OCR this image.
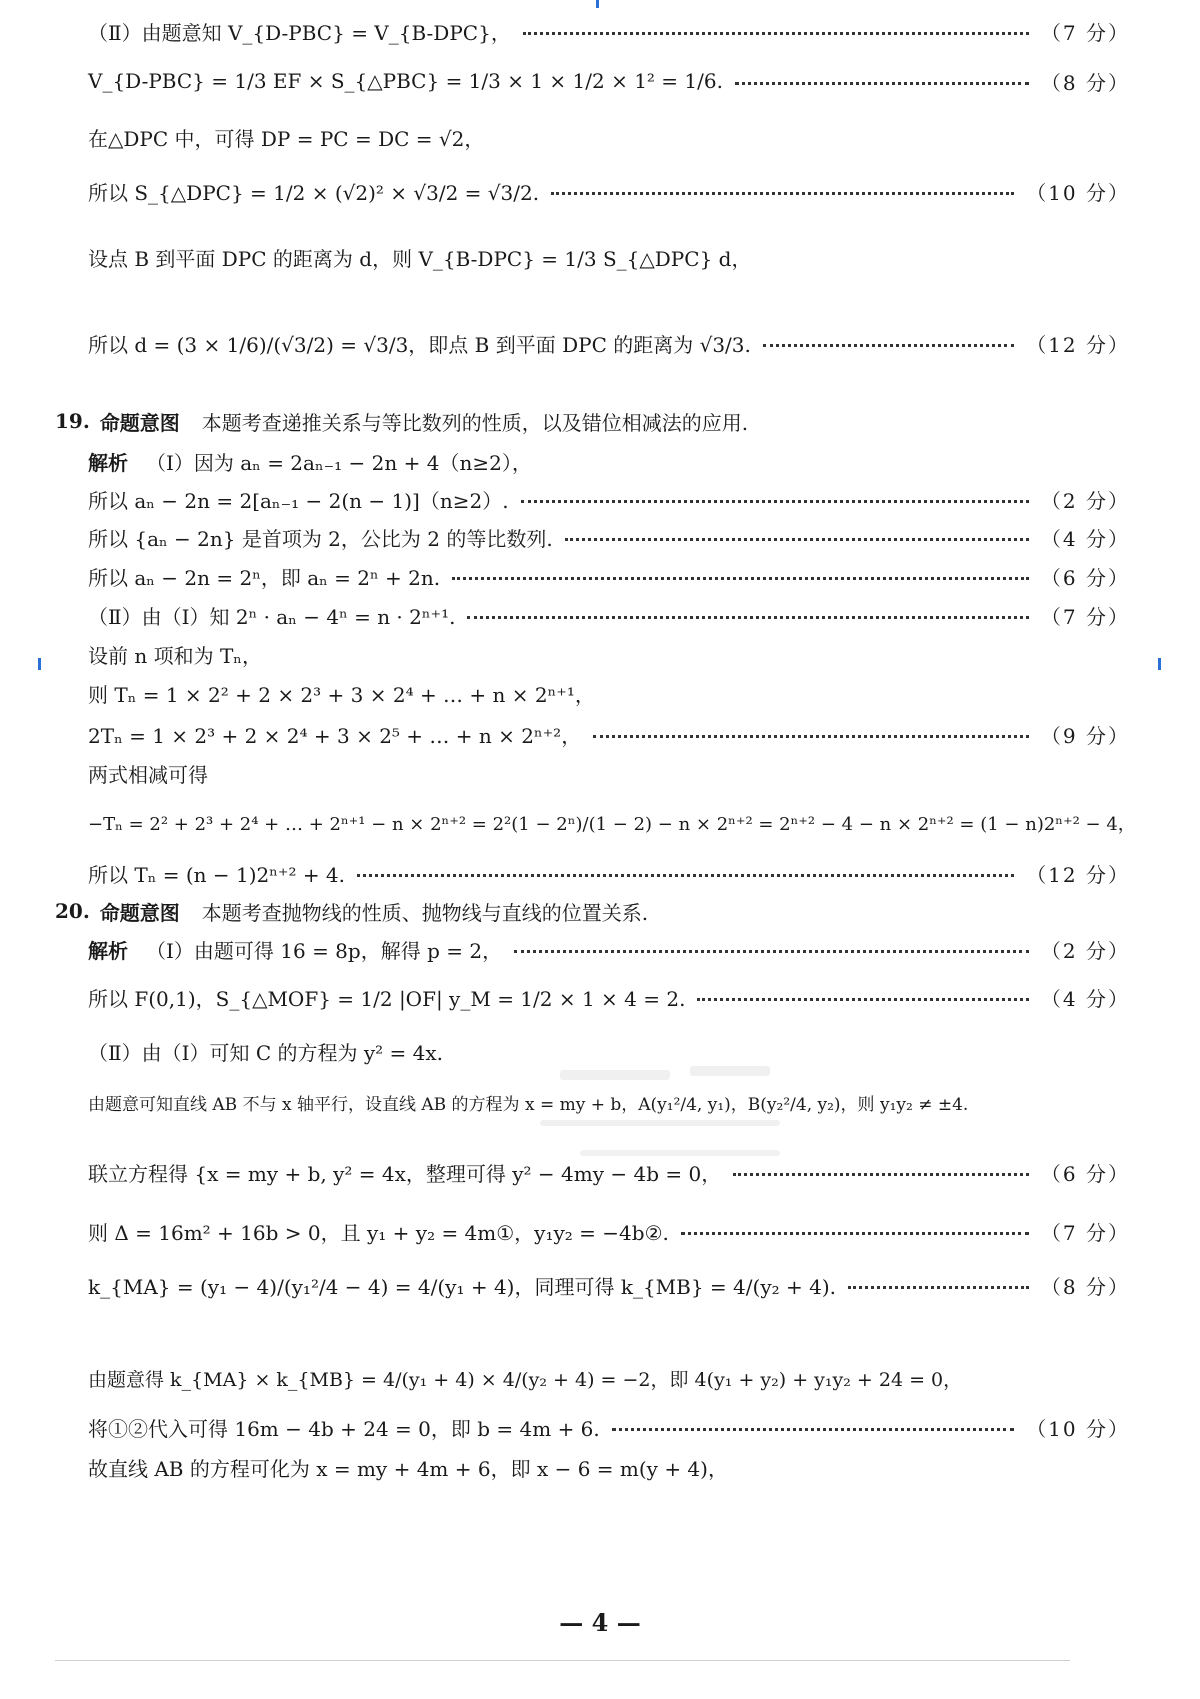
（Ⅱ）由题意知 V_{D-PBC} = V_{B-DPC}，	（7 分）
V_{D-PBC} = 1/3 EF × S_{△PBC} = 1/3 × 1 × 1/2 × 1² = 1/6.	（8 分）
在△DPC 中，可得 DP = PC = DC = √2，
所以 S_{△DPC} = 1/2 × (√2)² × √3/2 = √3/2.	（10 分）
设点 B 到平面 DPC 的距离为 d，则 V_{B-DPC} = 1/3 S_{△DPC} d，
所以 d = (3 × 1/6)/(√3/2) = √3/3，即点 B 到平面 DPC 的距离为 √3/3.	（12 分）
19. 命题意图 本题考查递推关系与等比数列的性质，以及错位相减法的应用.
解析 （Ⅰ）因为 aₙ = 2aₙ₋₁ − 2n + 4（n≥2），
所以 aₙ − 2n = 2[aₙ₋₁ − 2(n − 1)]（n≥2）.	（2 分）
所以 {aₙ − 2n} 是首项为 2，公比为 2 的等比数列.	（4 分）
所以 aₙ − 2n = 2ⁿ，即 aₙ = 2ⁿ + 2n.	（6 分）
（Ⅱ）由（Ⅰ）知 2ⁿ · aₙ − 4ⁿ = n · 2ⁿ⁺¹.	（7 分）
设前 n 项和为 Tₙ，
则 Tₙ = 1 × 2² + 2 × 2³ + 3 × 2⁴ + … + n × 2ⁿ⁺¹，
2Tₙ = 1 × 2³ + 2 × 2⁴ + 3 × 2⁵ + … + n × 2ⁿ⁺²，	（9 分）
两式相减可得
−Tₙ = 2² + 2³ + 2⁴ + … + 2ⁿ⁺¹ − n × 2ⁿ⁺² = 2²(1 − 2ⁿ)/(1 − 2) − n × 2ⁿ⁺² = 2ⁿ⁺² − 4 − n × 2ⁿ⁺² = (1 − n)2ⁿ⁺² − 4，
所以 Tₙ = (n − 1)2ⁿ⁺² + 4.	（12 分）
20. 命题意图 本题考查抛物线的性质、抛物线与直线的位置关系.
解析 （Ⅰ）由题可得 16 = 8p，解得 p = 2，	（2 分）
所以 F(0,1)，S_{△MOF} = 1/2 |OF| y_M = 1/2 × 1 × 4 = 2.	（4 分）
（Ⅱ）由（Ⅰ）可知 C 的方程为 y² = 4x.
由题意可知直线 AB 不与 x 轴平行，设直线 AB 的方程为 x = my + b，A(y₁²/4, y₁)，B(y₂²/4, y₂)，则 y₁y₂ ≠ ±4.
联立方程得 {x = my + b, y² = 4x，整理可得 y² − 4my − 4b = 0，	（6 分）
则 Δ = 16m² + 16b > 0，且 y₁ + y₂ = 4m①，y₁y₂ = −4b②.	（7 分）
k_{MA} = (y₁ − 4)/(y₁²/4 − 4) = 4/(y₁ + 4)，同理可得 k_{MB} = 4/(y₂ + 4).	（8 分）
由题意得 k_{MA} × k_{MB} = 4/(y₁ + 4) × 4/(y₂ + 4) = −2，即 4(y₁ + y₂) + y₁y₂ + 24 = 0，
将①②代入可得 16m − 4b + 24 = 0，即 b = 4m + 6.	（10 分）
故直线 AB 的方程可化为 x = my + 4m + 6，即 x − 6 = m(y + 4)，
— 4 —
